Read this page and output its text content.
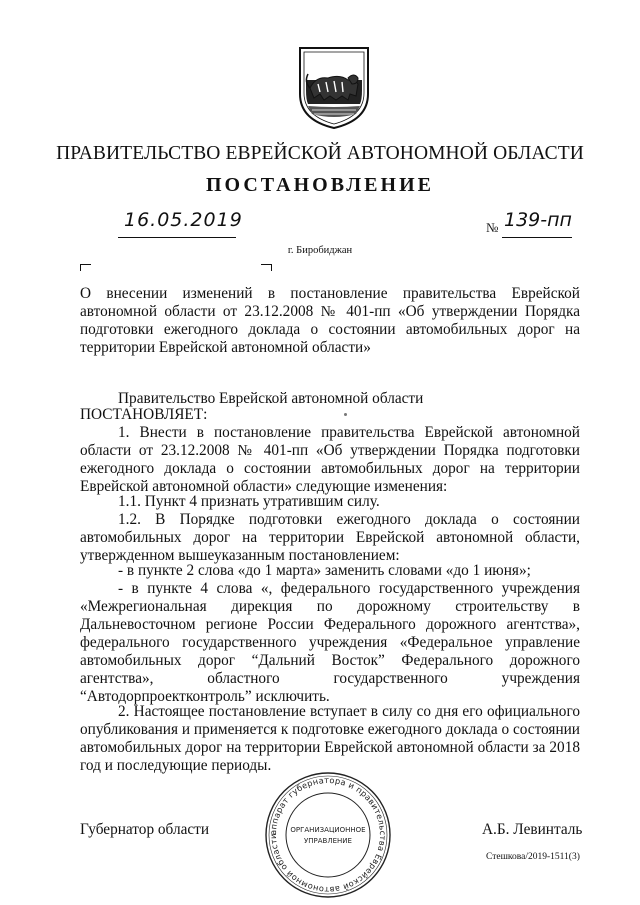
ПРАВИТЕЛЬСТВО ЕВРЕЙСКОЙ АВТОНОМНОЙ ОБЛАСТИ
ПОСТАНОВЛЕНИЕ
16.05.2019	№ 139-пп
г. Биробиджан
О внесении изменений в постановление правительства Еврейской
автономной области от 23.12.2008 № 401-пп «Об утверждении Порядка
подготовки ежегодного доклада о состоянии автомобильных дорог на
территории Еврейской автономной области»
Правительство Еврейской автономной области
ПОСТАНОВЛЯЕТ:
1. Внести в постановление правительства Еврейской автономной
области от 23.12.2008 № 401-пп «Об утверждении Порядка подготовки
ежегодного доклада о состоянии автомобильных дорог на территории
Еврейской автономной области» следующие изменения:
1.1. Пункт 4 признать утратившим силу.
1.2. В Порядке подготовки ежегодного доклада о состоянии
автомобильных дорог на территории Еврейской автономной области,
утвержденном вышеуказанным постановлением:
- в пункте 2 слова «до 1 марта» заменить словами «до 1 июня»;
- в пункте 4 слова «, федерального государственного учреждения
«Межрегиональная дирекция по дорожному строительству в
Дальневосточном регионе России Федерального дорожного агентства»,
федерального государственного учреждения «Федеральное управление
автомобильных дорог “Дальний Восток” Федерального дорожного
агентства», областного государственного учреждения
“Автодорпроектконтроль” исключить.
2. Настоящее постановление вступает в силу со дня его официального
опубликования и применяется к подготовке ежегодного доклада о состоянии
автомобильных дорог на территории Еврейской автономной области за 2018
год и последующие периоды.
Губернатор области	А.Б. Левинталь
Стешкова/2019-1511(3)
аппарат губернатора и правительства Еврейской автономной области
ОРГАНИЗАЦИОННОЕ
УПРАВЛЕНИЕ
